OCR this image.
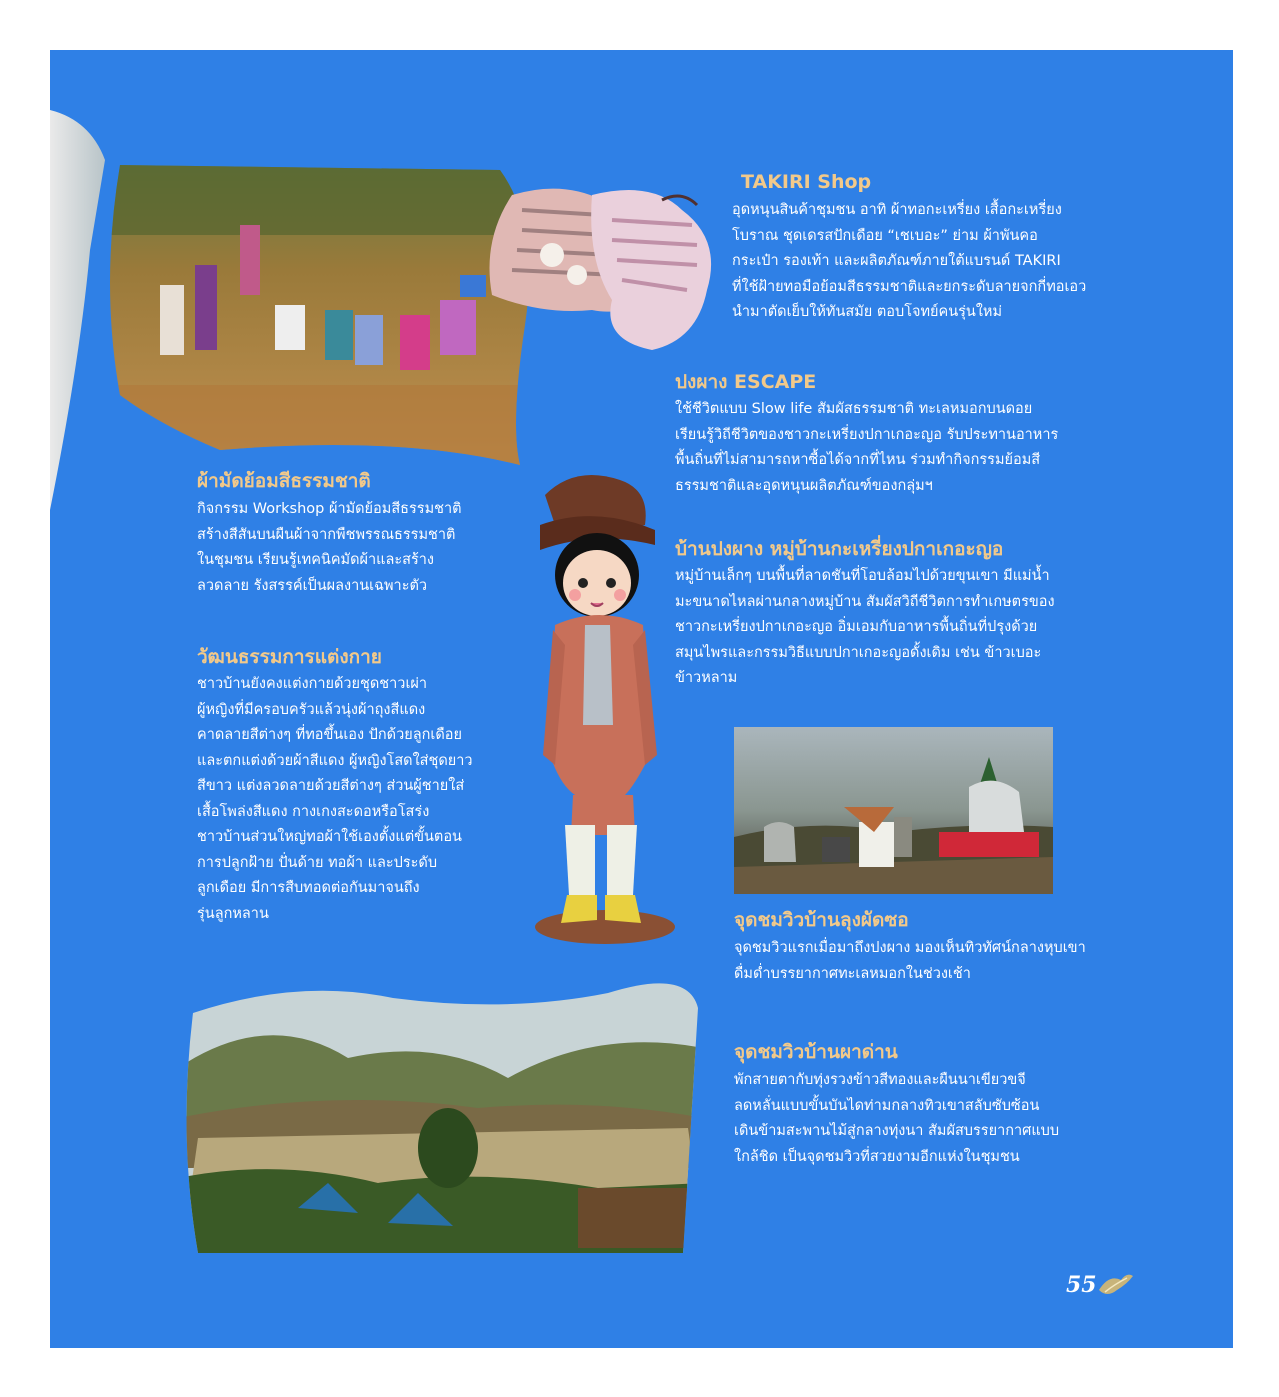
TAKIRI Shop

อุดหนุนสินค้าชุมชน อาทิ ผ้าทอกะเหรี่ยง เสื้อกะเหรี่ยง
โบราณ ชุดเดรสปักเดือย “เชเบอะ” ย่าม ผ้าพันคอ
กระเป๋า รองเท้า และผลิตภัณฑ์ภายใต้แบรนด์ TAKIRI
ที่ใช้ฝ้ายทอมือย้อมสีธรรมชาติและยกระดับลายจกกี่ทอเอว
นำมาตัดเย็บให้ทันสมัย ตอบโจทย์คนรุ่นใหม่

ปงผาง ESCAPE

ใช้ชีวิตแบบ Slow life สัมผัสธรรมชาติ ทะเลหมอกบนดอย
เรียนรู้วิถีชีวิตของชาวกะเหรี่ยงปกาเกอะญอ รับประทานอาหาร
พื้นถิ่นที่ไม่สามารถหาซื้อได้จากที่ไหน ร่วมทำกิจกรรมย้อมสี
ธรรมชาติและอุดหนุนผลิตภัณฑ์ของกลุ่มฯ

บ้านปงผาง หมู่บ้านกะเหรี่ยงปกาเกอะญอ

หมู่บ้านเล็กๆ บนพื้นที่ลาดชันที่โอบล้อมไปด้วยขุนเขา มีแม่น้ำ
มะขนาดไหลผ่านกลางหมู่บ้าน สัมผัสวิถีชีวิตการทำเกษตรของ
ชาวกะเหรี่ยงปกาเกอะญอ อิ่มเอมกับอาหารพื้นถิ่นที่ปรุงด้วย
สมุนไพรและกรรมวิธีแบบปกาเกอะญอดั้งเดิม เช่น ข้าวเบอะ
ข้าวหลาม

ผ้ามัดย้อมสีธรรมชาติ

กิจกรรม Workshop ผ้ามัดย้อมสีธรรมชาติ
สร้างสีสันบนผืนผ้าจากพืชพรรณธรรมชาติ
ในชุมชน เรียนรู้เทคนิคมัดผ้าและสร้าง
ลวดลาย รังสรรค์เป็นผลงานเฉพาะตัว

วัฒนธรรมการแต่งกาย

ชาวบ้านยังคงแต่งกายด้วยชุดชาวเผ่า
ผู้หญิงที่มีครอบครัวแล้วนุ่งผ้าถุงสีแดง
คาดลายสีต่างๆ ที่ทอขึ้นเอง ปักด้วยลูกเดือย
และตกแต่งด้วยผ้าสีแดง ผู้หญิงโสดใส่ชุดยาว
สีขาว แต่งลวดลายด้วยสีต่างๆ ส่วนผู้ชายใส่
เสื้อโพล่งสีแดง กางเกงสะดอหรือโสร่ง
ชาวบ้านส่วนใหญ่ทอผ้าใช้เองตั้งแต่ขั้นตอน
การปลูกฝ้าย ปั่นด้าย ทอผ้า และประดับ
ลูกเดือย มีการสืบทอดต่อกันมาจนถึง
รุ่นลูกหลาน	จุดชมวิวบ้านลุงผัดซอ

จุดชมวิวแรกเมื่อมาถึงปงผาง มองเห็นทิวทัศน์กลางหุบเขา
ดื่มด่ำบรรยากาศทะเลหมอกในช่วงเช้า

จุดชมวิวบ้านผาด่าน

พักสายตากับทุ่งรวงข้าวสีทองและผืนนาเขียวขจี
ลดหลั่นแบบขั้นบันไดท่ามกลางทิวเขาสลับซับซ้อน
เดินข้ามสะพานไม้สู่กลางทุ่งนา สัมผัสบรรยากาศแบบ
ใกล้ชิด เป็นจุดชมวิวที่สวยงามอีกแห่งในชุมชน

55
